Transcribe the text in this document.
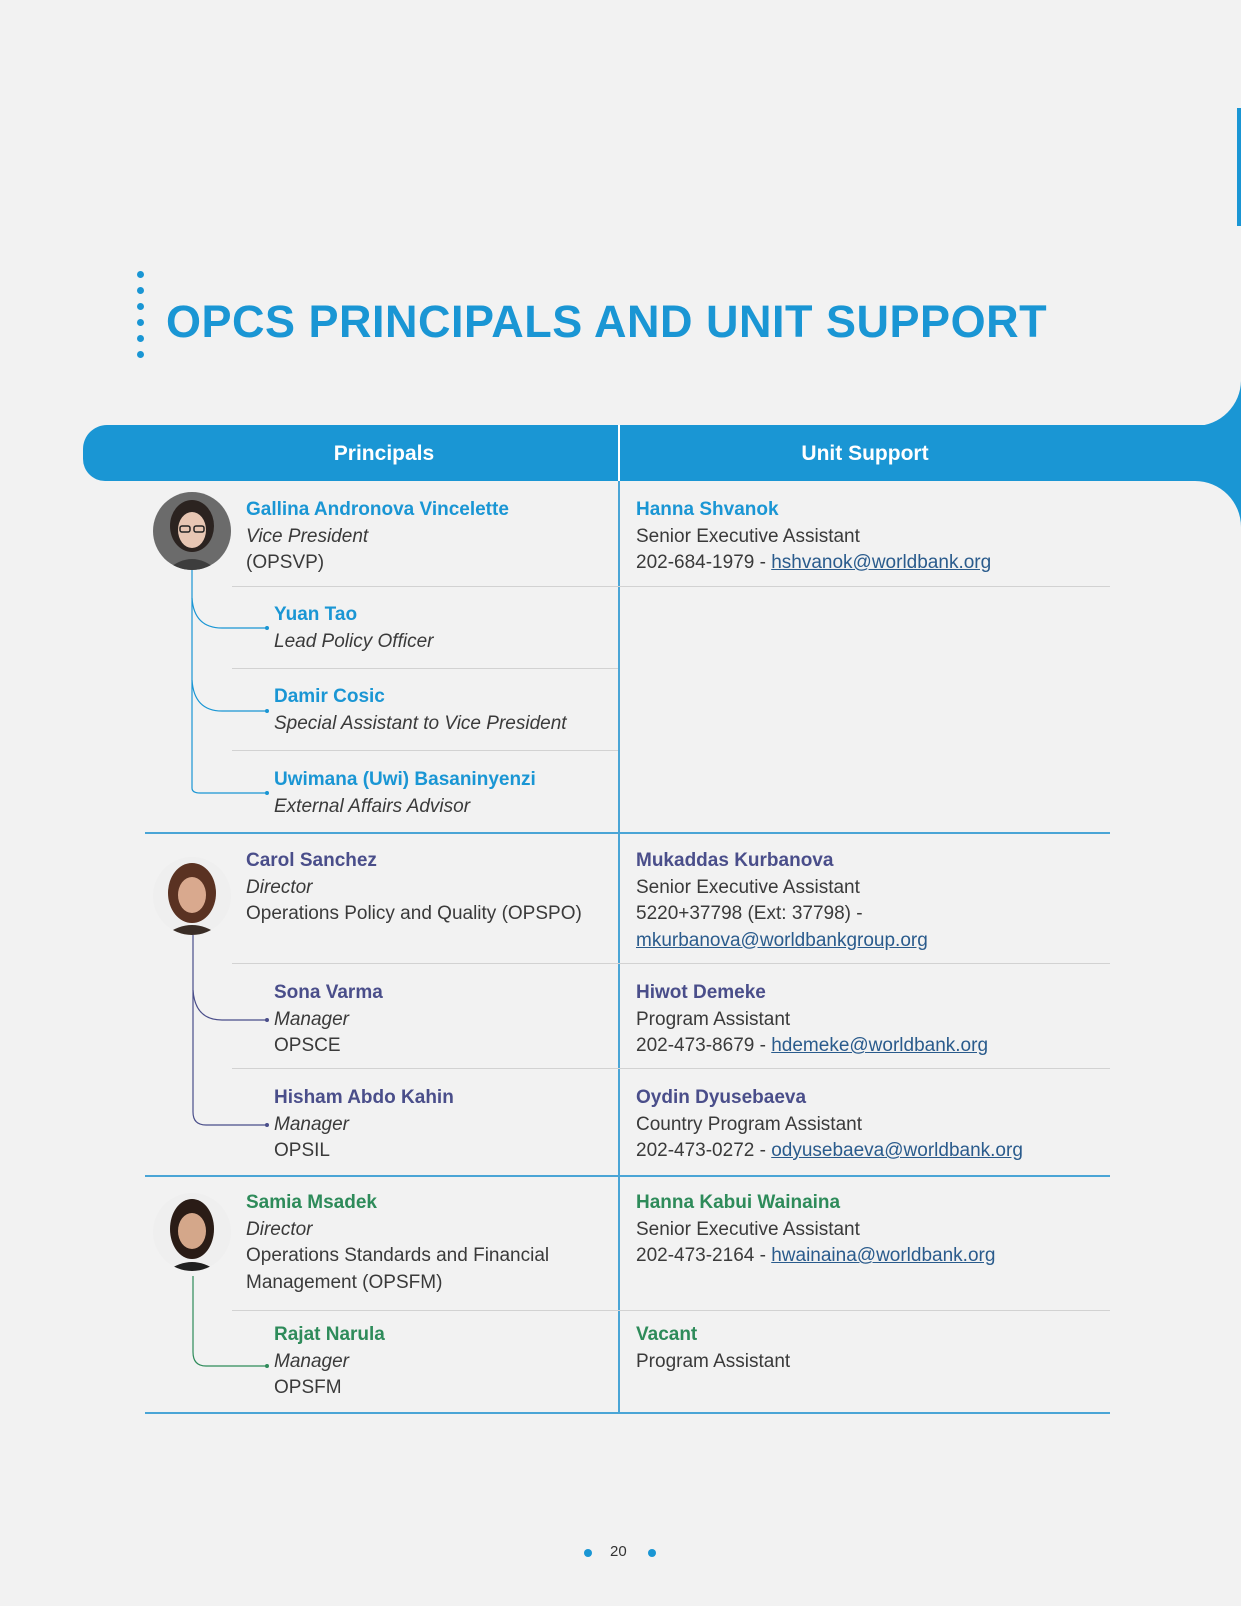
OPCS PRINCIPALS AND UNIT SUPPORT
Principals	Unit Support
Gallina Andronova Vincelette
Vice President
(OPSVP)
Hanna Shvanok
Senior Executive Assistant
202-684-1979 - hshvanok@worldbank.org
Yuan Tao
Lead Policy Officer
Damir Cosic
Special Assistant to Vice President
Uwimana (Uwi) Basaninyenzi
External Affairs Advisor
Carol Sanchez
Director
Operations Policy and Quality (OPSPO)
Mukaddas Kurbanova
Senior Executive Assistant
5220+37798 (Ext: 37798) -
mkurbanova@worldbankgroup.org
Sona Varma
Manager
OPSCE
Hiwot Demeke
Program Assistant
202-473-8679 - hdemeke@worldbank.org
Hisham Abdo Kahin
Manager
OPSIL
Oydin Dyusebaeva
Country Program Assistant
202-473-0272 - odyusebaeva@worldbank.org
Samia Msadek
Director
Operations Standards and Financial
Management (OPSFM)
Hanna Kabui Wainaina
Senior Executive Assistant
202-473-2164 - hwainaina@worldbank.org
Rajat Narula
Manager
OPSFM
Vacant
Program Assistant
20
